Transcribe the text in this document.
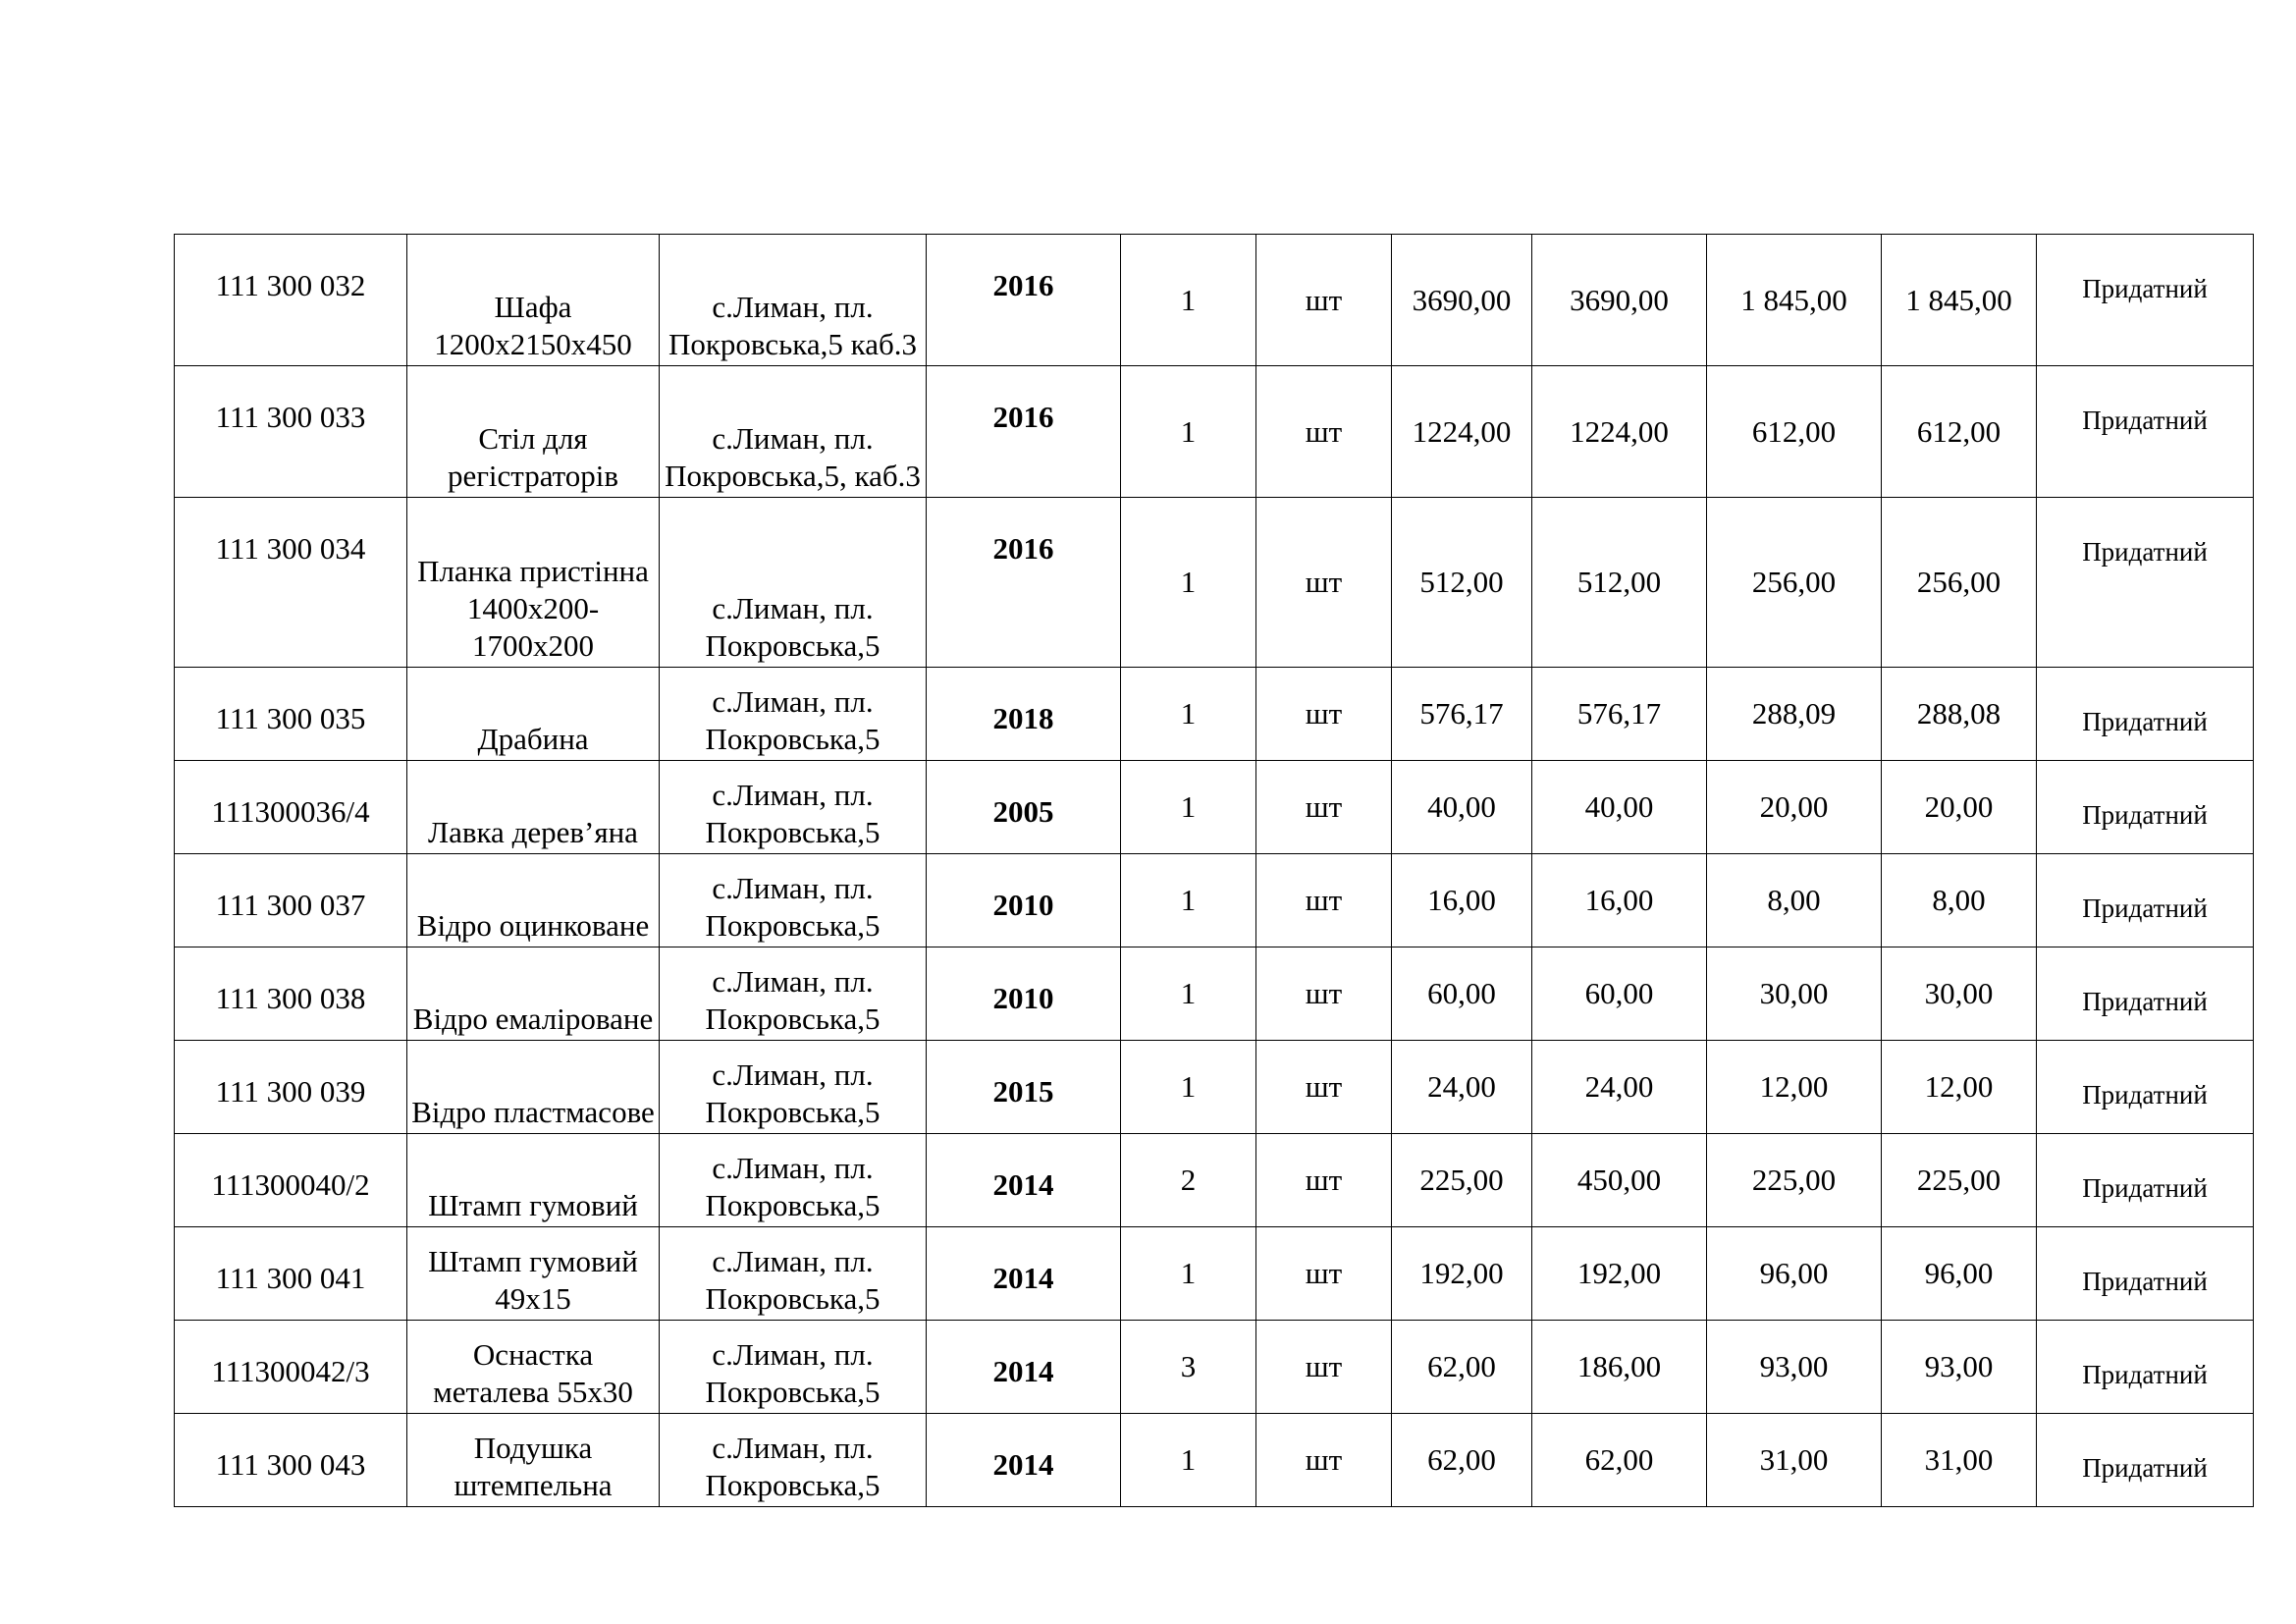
111 300 032	Шафа 1200х2150х450	с.Лиман, пл. Покровська,5 каб.3	2016	1	шт	3690,00	3690,00	1 845,00	1 845,00	Придатний
111 300 033	Стіл для регістраторів	с.Лиман, пл. Покровська,5, каб.3	2016	1	шт	1224,00	1224,00	612,00	612,00	Придатний
111 300 034	Планка пристінна 1400х200-1700х200	с.Лиман, пл. Покровська,5	2016	1	шт	512,00	512,00	256,00	256,00	Придатний
111 300 035	Драбина	с.Лиман, пл. Покровська,5	2018	1	шт	576,17	576,17	288,09	288,08	Придатний
111300036/4	Лавка дерев’яна	с.Лиман, пл. Покровська,5	2005	1	шт	40,00	40,00	20,00	20,00	Придатний
111 300 037	Відро оцинковане	с.Лиман, пл. Покровська,5	2010	1	шт	16,00	16,00	8,00	8,00	Придатний
111 300 038	Відро емаліроване	с.Лиман, пл. Покровська,5	2010	1	шт	60,00	60,00	30,00	30,00	Придатний
111 300 039	Відро пластмасове	с.Лиман, пл. Покровська,5	2015	1	шт	24,00	24,00	12,00	12,00	Придатний
111300040/2	Штамп гумовий	с.Лиман, пл. Покровська,5	2014	2	шт	225,00	450,00	225,00	225,00	Придатний
111 300 041	Штамп гумовий 49х15	с.Лиман, пл. Покровська,5	2014	1	шт	192,00	192,00	96,00	96,00	Придатний
111300042/3	Оснастка металева 55х30	с.Лиман, пл. Покровська,5	2014	3	шт	62,00	186,00	93,00	93,00	Придатний
111 300 043	Подушка штемпельна	с.Лиман, пл. Покровська,5	2014	1	шт	62,00	62,00	31,00	31,00	Придатний
